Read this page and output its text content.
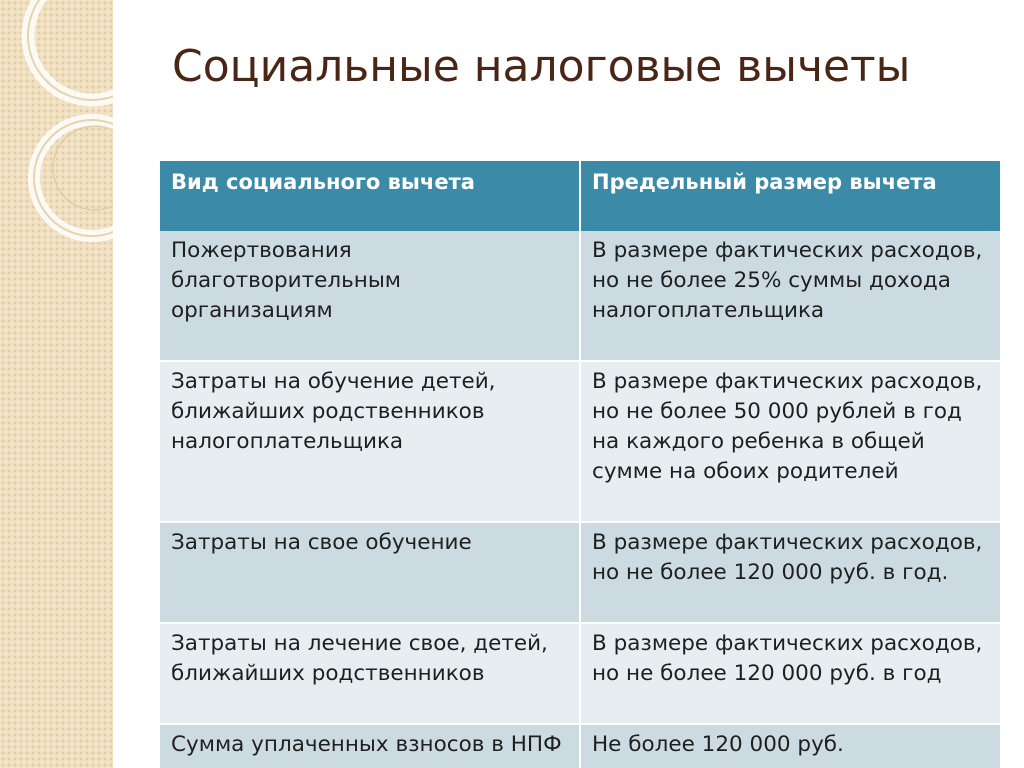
Социальные налоговые вычеты
Вид социального вычета	Предельный размер вычета
Пожертвования благотворительным организациям	В размере фактических расходов, но не более 25% суммы дохода налогоплательщика
Затраты на обучение детей, ближайших родственников налогоплательщика	В размере фактических расходов, но не более 50 000 рублей в год на каждого ребенка в общей сумме на обоих родителей
Затраты на свое обучение	В размере фактических расходов, но не более 120 000 руб. в год.
Затраты на лечение свое, детей, ближайших родственников	В размере фактических расходов, но не более 120 000 руб. в год
Сумма уплаченных взносов в НПФ	Не более 120 000 руб.
